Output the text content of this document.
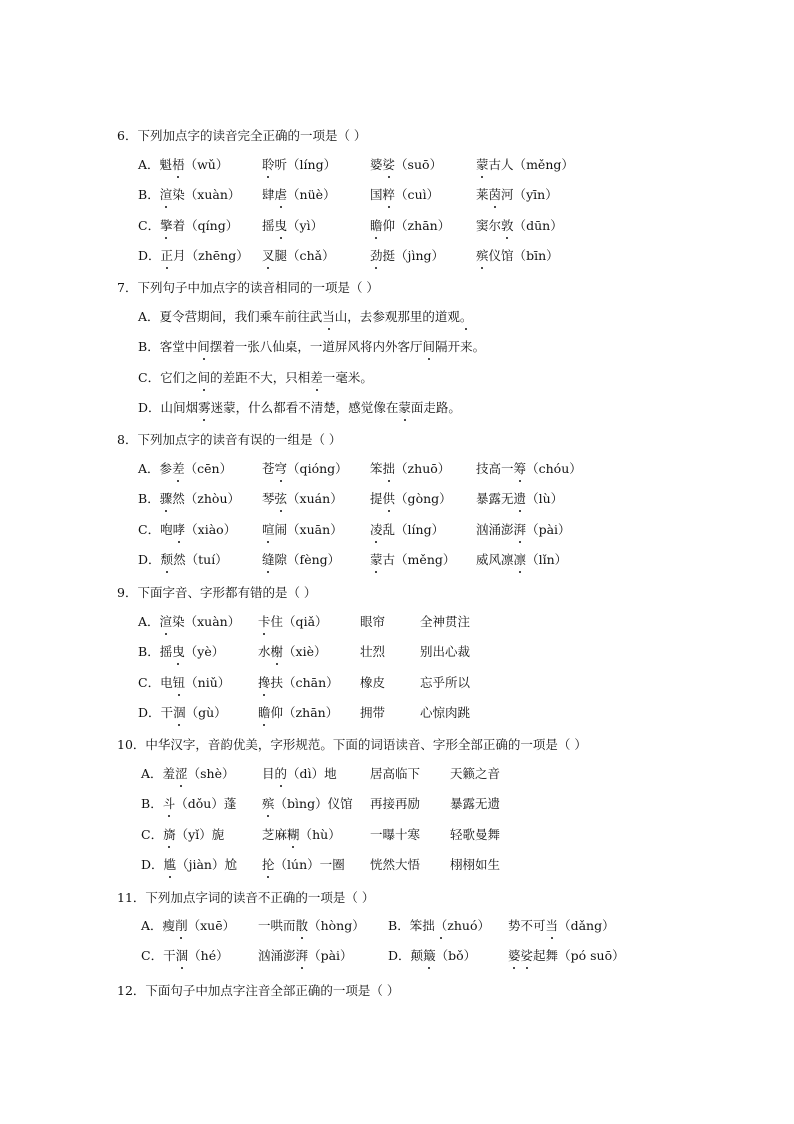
6．下列加点字的读音完全正确的一项是（ ）
A．魁梧（wǔ）	聆听（líng）	婆娑（suō）	蒙古人（měng）
B．渲染（xuàn） 肆虐（nüè）	国粹（cuì）	莱茵河（yīn）
C．擎着（qíng） 摇曳（yì）	瞻仰（zhān） 窦尔敦（dūn）
D．正月（zhēng） 叉腿（chǎ）	劲挺（jìng）	殡仪馆（bīn）
7．下列句子中加点字的读音相同的一项是（ ）
A．夏令营期间，我们乘车前往武当山，去参观那里的道观。
B．客堂中间摆着一张八仙桌，一道屏风将内外客厅间隔开来。
C．它们之间的差距不大，只相差一毫米。
D．山间烟雾迷蒙，什么都看不清楚，感觉像在蒙面走路。
8．下列加点字的读音有误的一组是（ ）
A．参差（cēn） 苍穹（qióng） 笨拙（zhuō） 技高一筹（chóu）
B．骤然（zhòu） 琴弦（xuán） 提供（gòng） 暴露无遗（lù）
C．咆哮（xiào） 喧闹（xuān） 凌乱（líng）	汹涌澎湃（pài）
D．颓然（tuí）	缝隙（fèng） 蒙古（měng） 威风凛凛（lǐn）
9．下面字音、字形都有错的是（ ）
A．渲染（xuàn） 卡住（qiǎ）	眼帘	全神贯注
B．摇曳（yè）	水榭（xiè）	壮烈	别出心裁
C．电钮（niǔ） 搀扶（chān） 橡皮	忘乎所以
D．干涸（gù）	瞻仰（zhān） 拥带	心惊肉跳
10．中华汉字，音韵优美，字形规范。下面的词语读音、字形全部正确的一项是（ ）
A．羞涩（shè） 目的（dì）地	居高临下 天籁之音
B．斗（dǒu）蓬 殡（bìng）仪馆 再接再励 暴露无遗
C．旖（yǐ）旎	芝麻糊（hù） 一曝十寒 轻歌曼舞
D．尴（jiàn）尬 抡（lún）一圈 恍然大悟 栩栩如生
11．下列加点字词的读音不正确的一项是（ ）
A．瘦削（xuē） 一哄而散（hòng） B．笨拙（zhuó） 势不可当（dǎng）
C．干涸（hé） 汹涌澎湃（pài）	D．颠簸（bǒ）	婆娑起舞（pó suō）
12．下面句子中加点字注音全部正确的一项是（ ）
